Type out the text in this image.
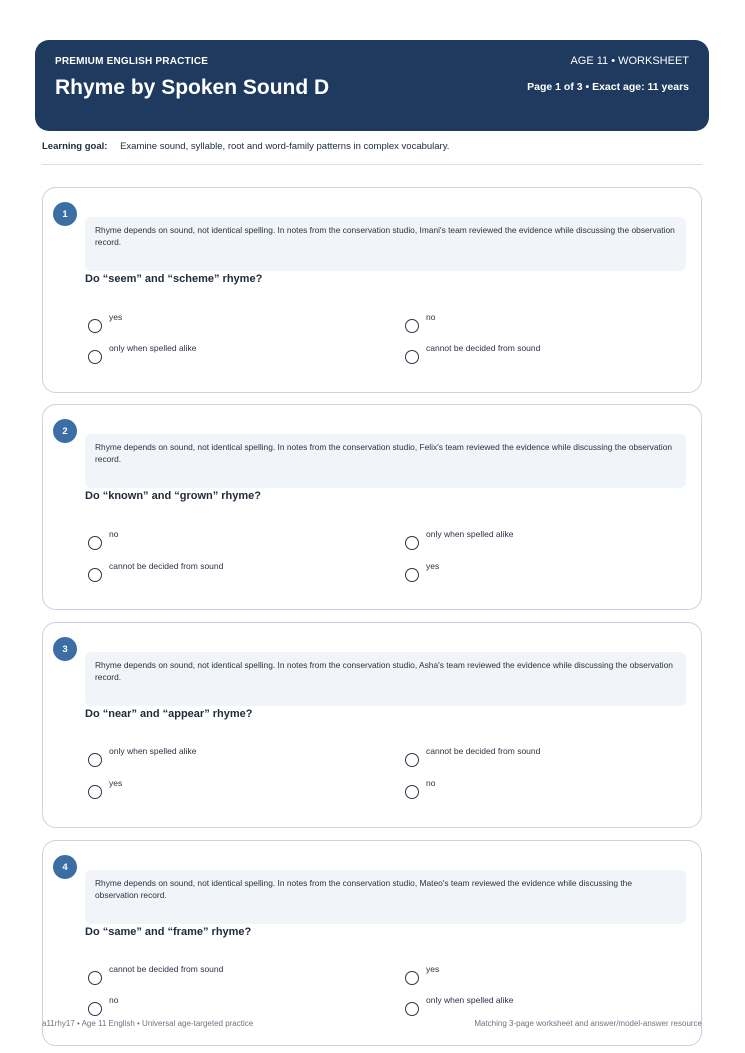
PREMIUM ENGLISH PRACTICE
Rhyme by Spoken Sound D
AGE 11 • WORKSHEET
Page 1 of 3 • Exact age: 11 years
Learning goal: Examine sound, syllable, root and word-family patterns in complex vocabulary.
1
Rhyme depends on sound, not identical spelling. In notes from the conservation studio, Imani's team reviewed the evidence while discussing the observation record.
Do “seem” and “scheme” rhyme?
yes	no
only when spelled alike	cannot be decided from sound
2
Rhyme depends on sound, not identical spelling. In notes from the conservation studio, Felix's team reviewed the evidence while discussing the observation record.
Do “known” and “grown” rhyme?
no	only when spelled alike
cannot be decided from sound	yes
3
Rhyme depends on sound, not identical spelling. In notes from the conservation studio, Asha's team reviewed the evidence while discussing the observation record.
Do “near” and “appear” rhyme?
only when spelled alike	cannot be decided from sound
yes	no
4
Rhyme depends on sound, not identical spelling. In notes from the conservation studio, Mateo's team reviewed the evidence while discussing the observation record.
Do “same” and “frame” rhyme?
cannot be decided from sound	yes
no	only when spelled alike
a11rhy17 • Age 11 English • Universal age-targeted practice	Matching 3-page worksheet and answer/model-answer resource
